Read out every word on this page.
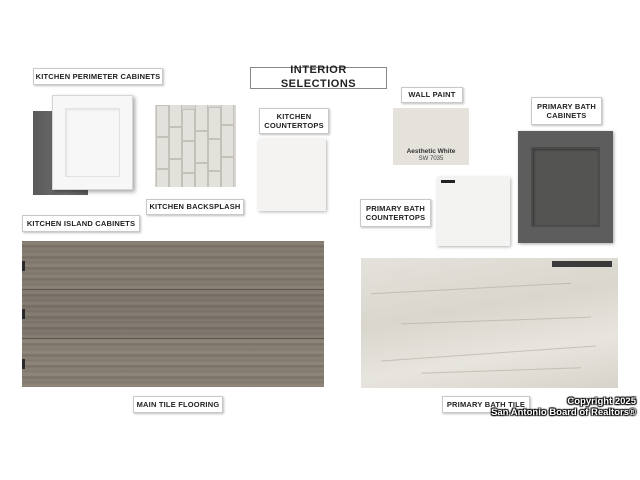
INTERIOR SELECTIONS
KITCHEN PERIMETER CABINETS
KITCHEN ISLAND CABINETS
KITCHEN BACKSPLASH
KITCHEN
COUNTERTOPS
WALL PAINT
Aesthetic White
SW 7035
PRIMARY BATH
CABINETS
PRIMARY BATH
COUNTERTOPS
MAIN TILE FLOORING	PRIMARY BATH TILE	Copyright 2025
San Antonio Board of Realtors®
